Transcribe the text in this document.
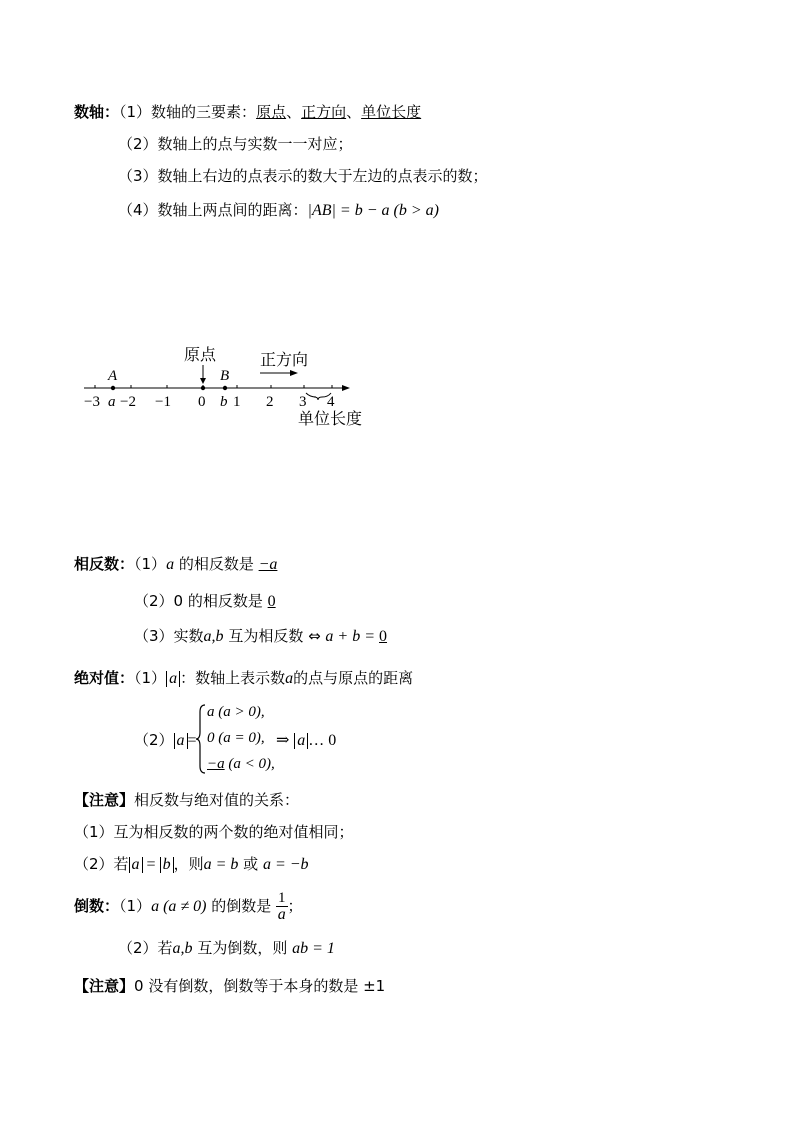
数轴：（1）数轴的三要素：原点、正方向、单位长度
（2）数轴上的点与实数一一对应；
（3）数轴上右边的点表示的数大于左边的点表示的数；
（4）数轴上两点间的距离：|AB| = b − a (b > a)
原点	正方向
A	B
−3 a −2 −1 0 b 1 2 3 4
单位长度
相反数：（1）a 的相反数是 −a
（2）0 的相反数是 0
（3）实数a,b 互为相反数 ⇔ a + b = 0
绝对值：（1） a ：数轴上表示数a的点与原点的距离
（2） a =
a (a > 0),
0 (a = 0),
−a (a < 0),
⇒ a … 0
【注意】相反数与绝对值的关系：
（1）互为相反数的两个数的绝对值相同；
（2）若 a = b ，则a = b 或 a = −b
倒数：（1）a (a ≠ 0) 的倒数是 $\frac{1}{a}$ ；
（2）若a,b 互为倒数，则 ab = 1
【注意】0 没有倒数，倒数等于本身的数是 ±1
